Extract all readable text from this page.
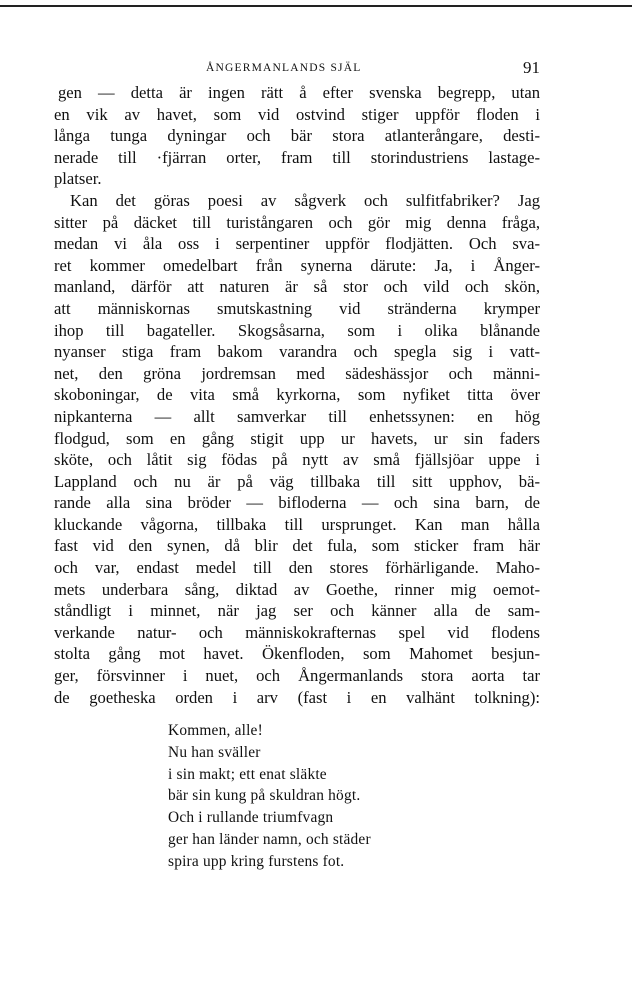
ÅNGERMANLANDS SJÄL	91
gen — detta är ingen rätt å efter svenska begrepp, utan
en vik av havet, som vid ostvind stiger uppför floden i
långa tunga dyningar och bär stora atlanterångare, desti-
nerade till ·fjärran orter, fram till storindustriens lastage-
platser.
Kan det göras poesi av sågverk och sulfitfabriker? Jag
sitter på däcket till turistångaren och gör mig denna fråga,
medan vi åla oss i serpentiner uppför flodjätten. Och sva-
ret kommer omedelbart från synerna därute: Ja, i Ånger-
manland, därför att naturen är så stor och vild och skön,
att människornas smutskastning vid stränderna krymper
ihop till bagateller. Skogsåsarna, som i olika blånande
nyanser stiga fram bakom varandra och spegla sig i vatt-
net, den gröna jordremsan med sädeshässjor och männi-
skoboningar, de vita små kyrkorna, som nyfiket titta över
nipkanterna — allt samverkar till enhetssynen: en hög
flodgud, som en gång stigit upp ur havets, ur sin faders
sköte, och låtit sig födas på nytt av små fjällsjöar uppe i
Lappland och nu är på väg tillbaka till sitt upphov, bä-
rande alla sina bröder — bifloderna — och sina barn, de
kluckande vågorna, tillbaka till ursprunget. Kan man hålla
fast vid den synen, då blir det fula, som sticker fram här
och var, endast medel till den stores förhärligande. Maho-
mets underbara sång, diktad av Goethe, rinner mig oemot-
ståndligt i minnet, när jag ser och känner alla de sam-
verkande natur- och människokrafternas spel vid flodens
stolta gång mot havet. Ökenfloden, som Mahomet besjun-
ger, försvinner i nuet, och Ångermanlands stora aorta tar
de goetheska orden i arv (fast i en valhänt tolkning):
Kommen, alle!
Nu han sväller
i sin makt; ett enat släkte
bär sin kung på skuldran högt.
Och i rullande triumfvagn
ger han länder namn, och städer
spira upp kring furstens fot.
